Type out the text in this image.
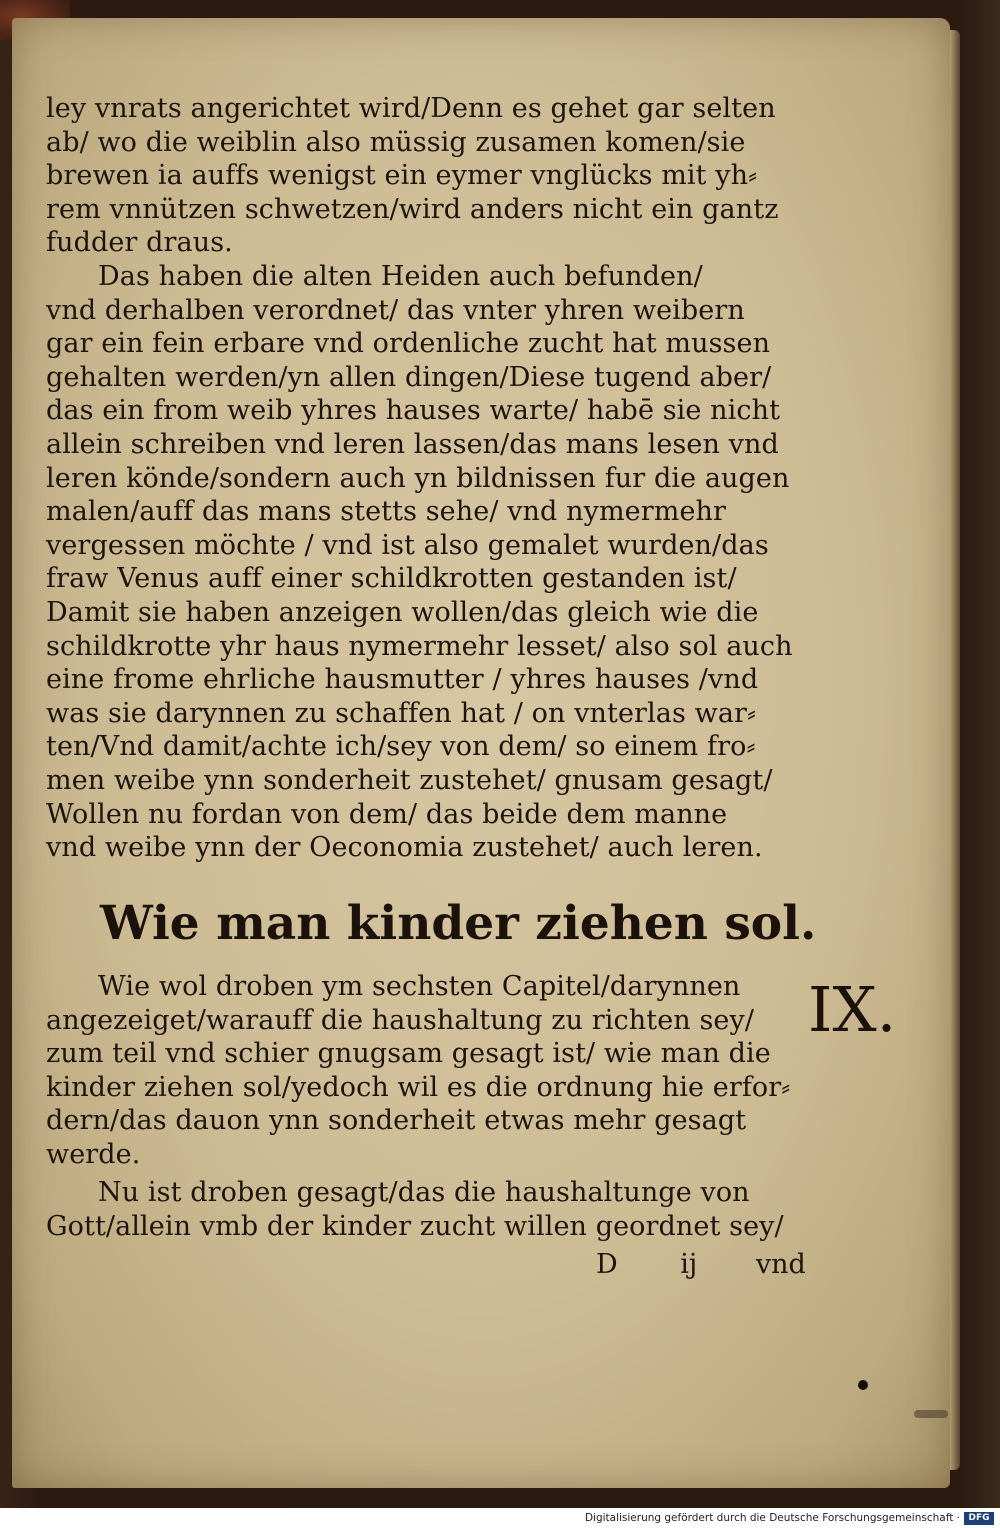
ley vnrats angerichtet wird/Denn es gehet gar selten
ab/ wo die weiblin also müssig zusamen komen/sie
brewen ia auffs wenigst ein eymer vnglücks mit yh⸗
rem vnnützen schwetzen/wird anders nicht ein gantz
fudder draus.
Das haben die alten Heiden auch befunden/
vnd derhalben verordnet/ das vnter yhren weibern
gar ein fein erbare vnd ordenliche zucht hat mussen
gehalten werden/yn allen dingen/Diese tugend aber/
das ein from weib yhres hauses warte/ habē sie nicht
allein schreiben vnd leren lassen/das mans lesen vnd
leren könde/sondern auch yn bildnissen fur die augen
malen/auff das mans stetts sehe/ vnd nymermehr
vergessen möchte / vnd ist also gemalet wurden/das
fraw Venus auff einer schildkrotten gestanden ist/
Damit sie haben anzeigen wollen/das gleich wie die
schildkrotte yhr haus nymermehr lesset/ also sol auch
eine frome ehrliche hausmutter / yhres hauses /vnd
was sie darynnen zu schaffen hat / on vnterlas war⸗
ten/Vnd damit/achte ich/sey von dem/ so einem fro⸗
men weibe ynn sonderheit zustehet/ gnusam gesagt/
Wollen nu fordan von dem/ das beide dem manne
vnd weibe ynn der Oeconomia zustehet/ auch leren.
Wie man kinder ziehen sol.
IX.
Wie wol droben ym sechsten Capitel/darynnen
angezeiget/warauff die haushaltung zu richten sey/
zum teil vnd schier gnugsam gesagt ist/ wie man die
kinder ziehen sol/yedoch wil es die ordnung hie erfor⸗
dern/das dauon ynn sonderheit etwas mehr gesagt
werde.
Nu ist droben gesagt/das die haushaltunge von
Gott/allein vmb der kinder zucht willen geordnet sey/
D ij vnd
Digitalisierung gefördert durch die Deutsche Forschungsgemeinschaft · DFG
